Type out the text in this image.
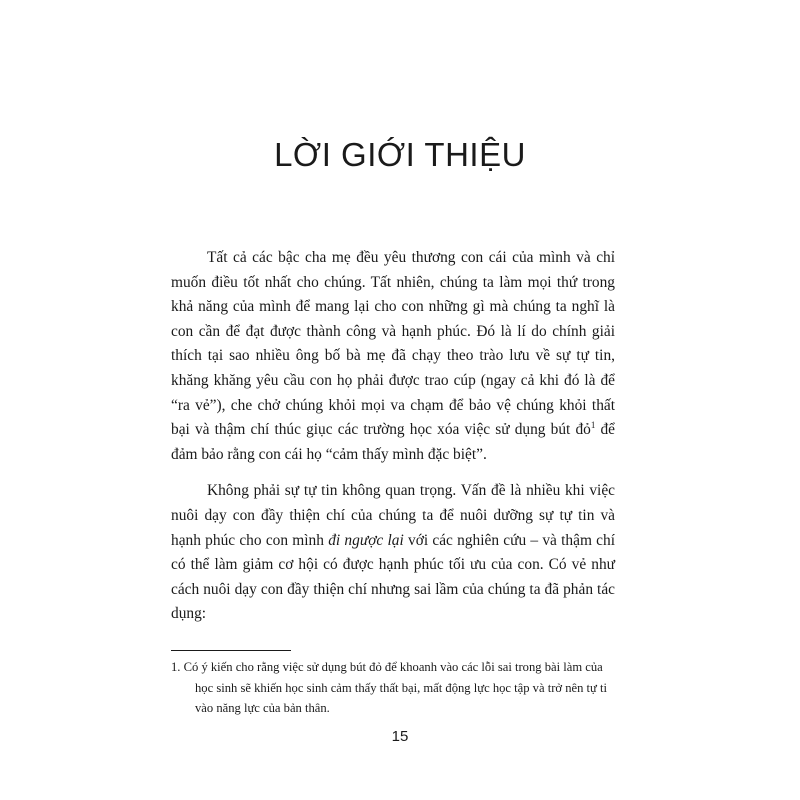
LỜI GIỚI THIỆU

Tất cả các bậc cha mẹ đều yêu thương con cái của mình và chỉ muốn điều tốt nhất cho chúng. Tất nhiên, chúng ta làm mọi thứ trong khả năng của mình để mang lại cho con những gì mà chúng ta nghĩ là con cần để đạt được thành công và hạnh phúc. Đó là lí do chính giải thích tại sao nhiều ông bố bà mẹ đã chạy theo trào lưu về sự tự tin, khăng khăng yêu cầu con họ phải được trao cúp (ngay cả khi đó là để “ra vẻ”), che chở chúng khỏi mọi va chạm để bảo vệ chúng khỏi thất bại và thậm chí thúc giục các trường học xóa việc sử dụng bút đỏ$^1$ để đảm bảo rằng con cái họ “cảm thấy mình đặc biệt”.

Không phải sự tự tin không quan trọng. Vấn đề là nhiều khi việc nuôi dạy con đầy thiện chí của chúng ta để nuôi dưỡng sự tự tin và hạnh phúc cho con mình đi ngược lại với các nghiên cứu – và thậm chí có thể làm giảm cơ hội có được hạnh phúc tối ưu của con. Có vẻ như cách nuôi dạy con đầy thiện chí nhưng sai lầm của chúng ta đã phản tác dụng:

1. Có ý kiến cho rằng việc sử dụng bút đỏ để khoanh vào các lỗi sai trong bài làm của học sinh sẽ khiến học sinh cảm thấy thất bại, mất động lực học tập và trở nên tự ti vào năng lực của bản thân.
15
